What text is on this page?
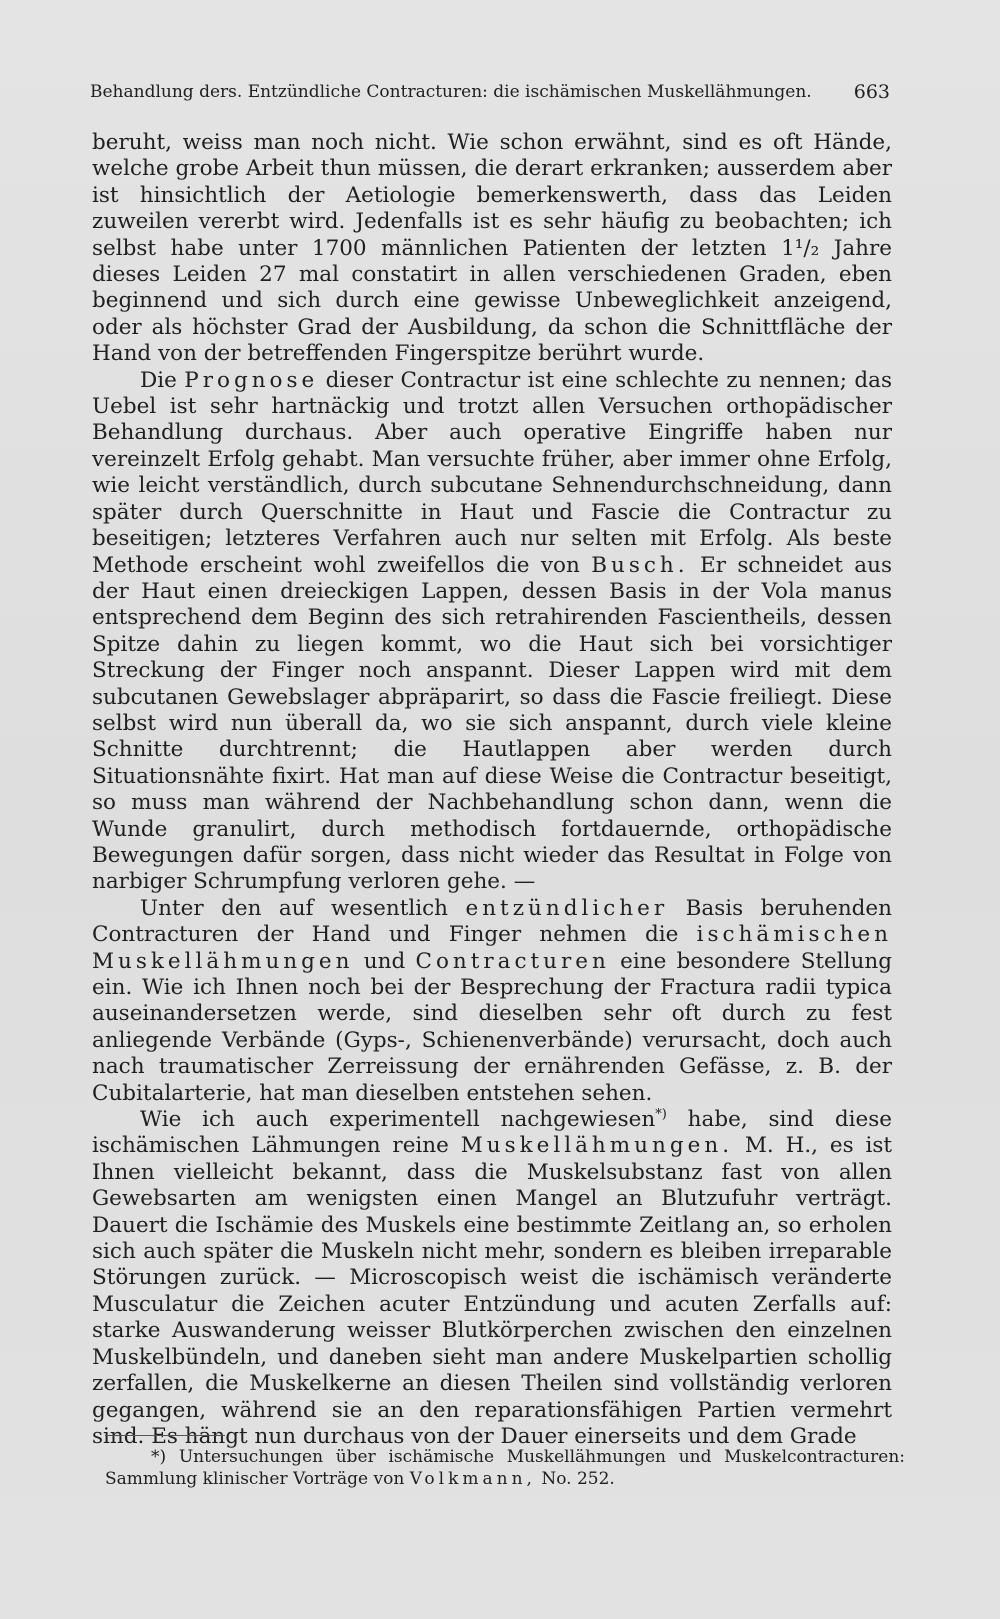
Behandlung ders. Entzündliche Contracturen: die ischämischen Muskellähmungen. 663

beruht, weiss man noch nicht. Wie schon erwähnt, sind es oft Hände, welche grobe Arbeit thun müssen, die derart erkranken; ausserdem aber ist hinsichtlich der Aetiologie bemerkenswerth, dass das Leiden zuweilen vererbt wird. Jedenfalls ist es sehr häufig zu beobachten; ich selbst habe unter 1700 männlichen Patienten der letzten 1¹/₂ Jahre dieses Leiden 27 mal constatirt in allen verschiedenen Graden, eben beginnend und sich durch eine gewisse Unbeweglichkeit anzeigend, oder als höchster Grad der Ausbildung, da schon die Schnittfläche der Hand von der betreffenden Fingerspitze berührt wurde.

Die Prognose dieser Contractur ist eine schlechte zu nennen; das Uebel ist sehr hartnäckig und trotzt allen Versuchen orthopädischer Behandlung durchaus. Aber auch operative Eingriffe haben nur vereinzelt Erfolg gehabt. Man versuchte früher, aber immer ohne Erfolg, wie leicht verständlich, durch subcutane Sehnendurchschneidung, dann später durch Querschnitte in Haut und Fascie die Contractur zu beseitigen; letzteres Verfahren auch nur selten mit Erfolg. Als beste Methode erscheint wohl zweifellos die von Busch. Er schneidet aus der Haut einen dreieckigen Lappen, dessen Basis in der Vola manus entsprechend dem Beginn des sich retrahirenden Fascientheils, dessen Spitze dahin zu liegen kommt, wo die Haut sich bei vorsichtiger Streckung der Finger noch anspannt. Dieser Lappen wird mit dem subcutanen Gewebslager abpräparirt, so dass die Fascie freiliegt. Diese selbst wird nun überall da, wo sie sich anspannt, durch viele kleine Schnitte durchtrennt; die Hautlappen aber werden durch Situationsnähte fixirt. Hat man auf diese Weise die Contractur beseitigt, so muss man während der Nachbehandlung schon dann, wenn die Wunde granulirt, durch methodisch fortdauernde, orthopädische Bewegungen dafür sorgen, dass nicht wieder das Resultat in Folge von narbiger Schrumpfung verloren gehe. —

Unter den auf wesentlich entzündlicher Basis beruhenden Contracturen der Hand und Finger nehmen die ischämischen Muskellähmungen und Contracturen eine besondere Stellung ein. Wie ich Ihnen noch bei der Besprechung der Fractura radii typica auseinandersetzen werde, sind dieselben sehr oft durch zu fest anliegende Verbände (Gyps-, Schienenverbände) verursacht, doch auch nach traumatischer Zerreissung der ernährenden Gefässe, z. B. der Cubitalarterie, hat man dieselben entstehen sehen.

Wie ich auch experimentell nachgewiesen*) habe, sind diese ischämischen Lähmungen reine Muskellähmungen. M. H., es ist Ihnen vielleicht bekannt, dass die Muskelsubstanz fast von allen Gewebsarten am wenigsten einen Mangel an Blutzufuhr verträgt. Dauert die Ischämie des Muskels eine bestimmte Zeitlang an, so erholen sich auch später die Muskeln nicht mehr, sondern es bleiben irreparable Störungen zurück. — Microscopisch weist die ischämisch veränderte Musculatur die Zeichen acuter Entzündung und acuten Zerfalls auf: starke Auswanderung weisser Blutkörperchen zwischen den einzelnen Muskelbündeln, und daneben sieht man andere Muskelpartien schollig zerfallen, die Muskelkerne an diesen Theilen sind vollständig verloren gegangen, während sie an den reparationsfähigen Partien vermehrt sind. Es hängt nun durchaus von der Dauer einerseits und dem Grade

*) Untersuchungen über ischämische Muskellähmungen und Muskelcontracturen: Sammlung klinischer Vorträge von Volkmann, No. 252.
